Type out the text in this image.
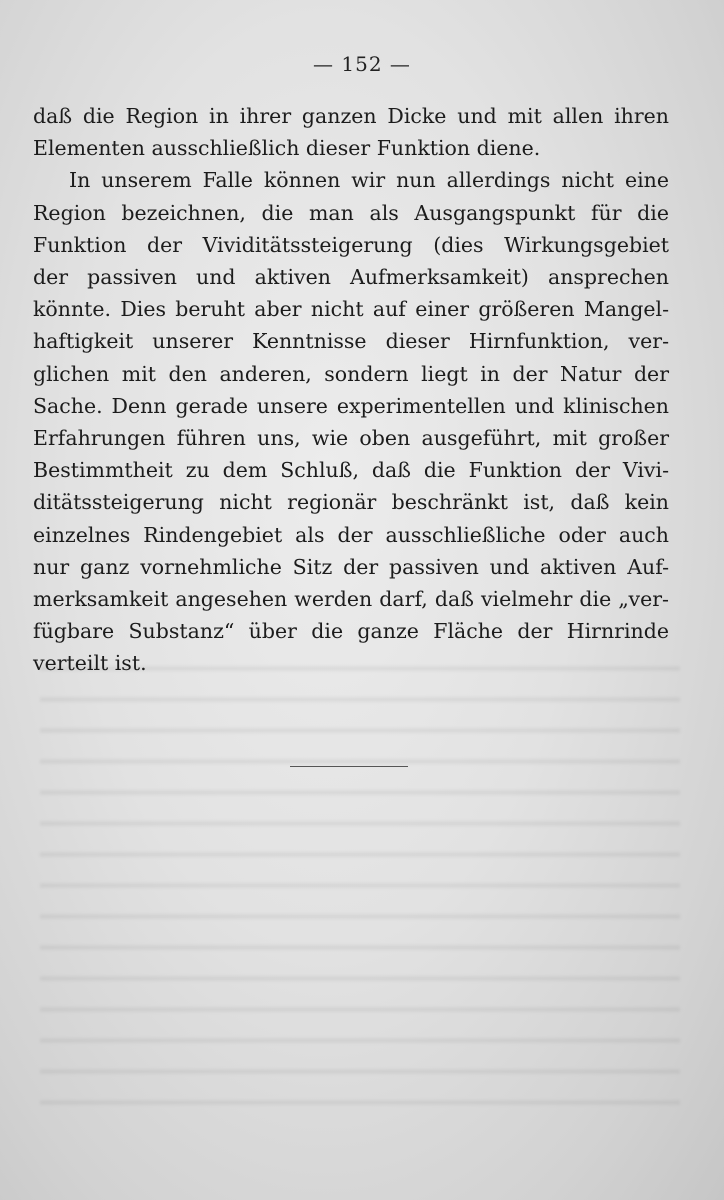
— 152 —

daß die Region in ihrer ganzen Dicke und mit allen ihren
Elementen ausschließlich dieser Funktion diene.

In unserem Falle können wir nun allerdings nicht eine
Region bezeichnen, die man als Ausgangspunkt für die
Funktion der Vividitätssteigerung (dies Wirkungsgebiet
der passiven und aktiven Aufmerksamkeit) ansprechen
könnte. Dies beruht aber nicht auf einer größeren Mangel-
haftigkeit unserer Kenntnisse dieser Hirnfunktion, ver-
glichen mit den anderen, sondern liegt in der Natur der
Sache. Denn gerade unsere experimentellen und klinischen
Erfahrungen führen uns, wie oben ausgeführt, mit großer
Bestimmtheit zu dem Schluß, daß die Funktion der Vivi-
ditätssteigerung nicht regionär beschränkt ist, daß kein
einzelnes Rindengebiet als der ausschließliche oder auch
nur ganz vornehmliche Sitz der passiven und aktiven Auf-
merksamkeit angesehen werden darf, daß vielmehr die „ver-
fügbare Substanz“ über die ganze Fläche der Hirnrinde
verteilt ist.
